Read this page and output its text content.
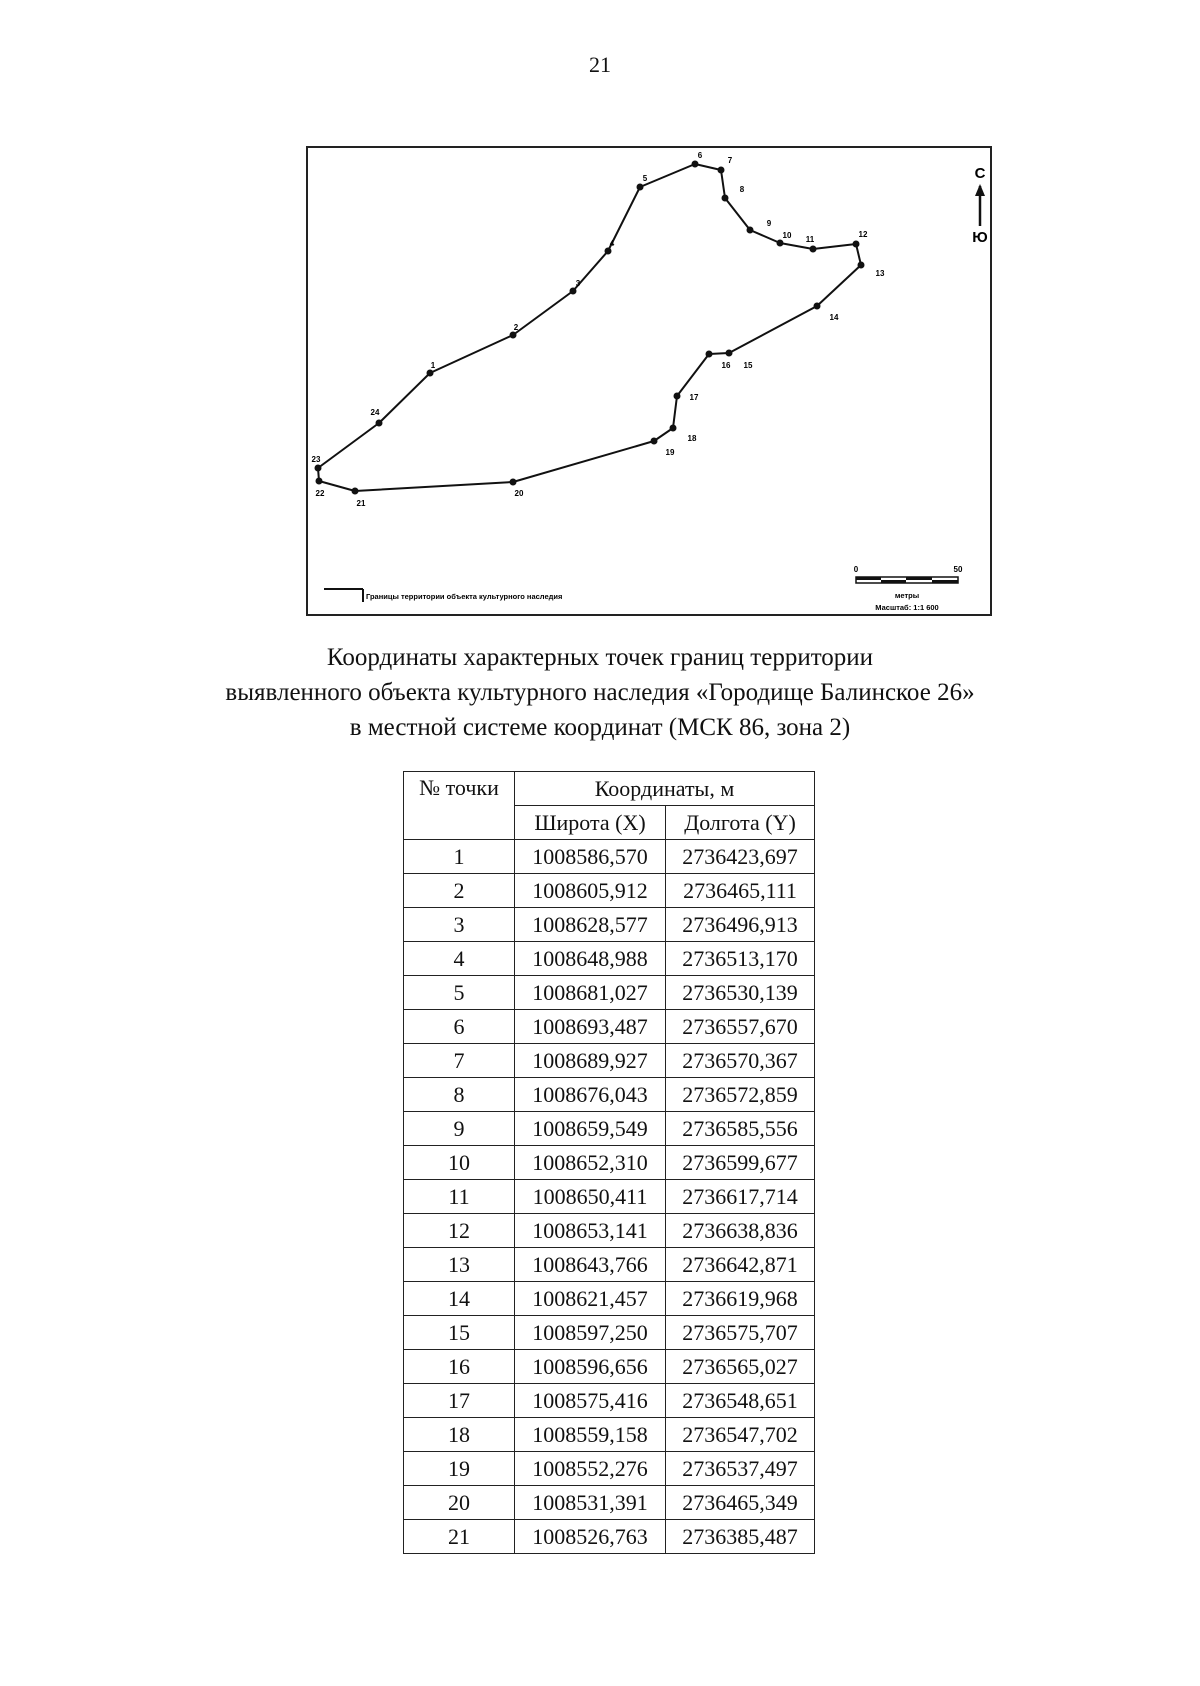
21
1
2
3
4
5
6
7
8
9
10 11
12
13
14
15
16
17
18
19
20
21
22
23
24
С
Ю
Границы территории объекта культурного наследия
0	50
метры
Масштаб: 1:1 600
Координаты характерных точек границ территории
выявленного объекта культурного наследия «Городище Балинское 26»
в местной системе координат (МСК 86, зона 2)
№ точки	Координаты, м	
	Широта (X)	Долгота (Y)
1	1008586,570	2736423,697
2	1008605,912	2736465,111
3	1008628,577	2736496,913
4	1008648,988	2736513,170
5	1008681,027	2736530,139
6	1008693,487	2736557,670
7	1008689,927	2736570,367
8	1008676,043	2736572,859
9	1008659,549	2736585,556
10	1008652,310	2736599,677
11	1008650,411	2736617,714
12	1008653,141	2736638,836
13	1008643,766	2736642,871
14	1008621,457	2736619,968
15	1008597,250	2736575,707
16	1008596,656	2736565,027
17	1008575,416	2736548,651
18	1008559,158	2736547,702
19	1008552,276	2736537,497
20	1008531,391	2736465,349
21	1008526,763	2736385,487
